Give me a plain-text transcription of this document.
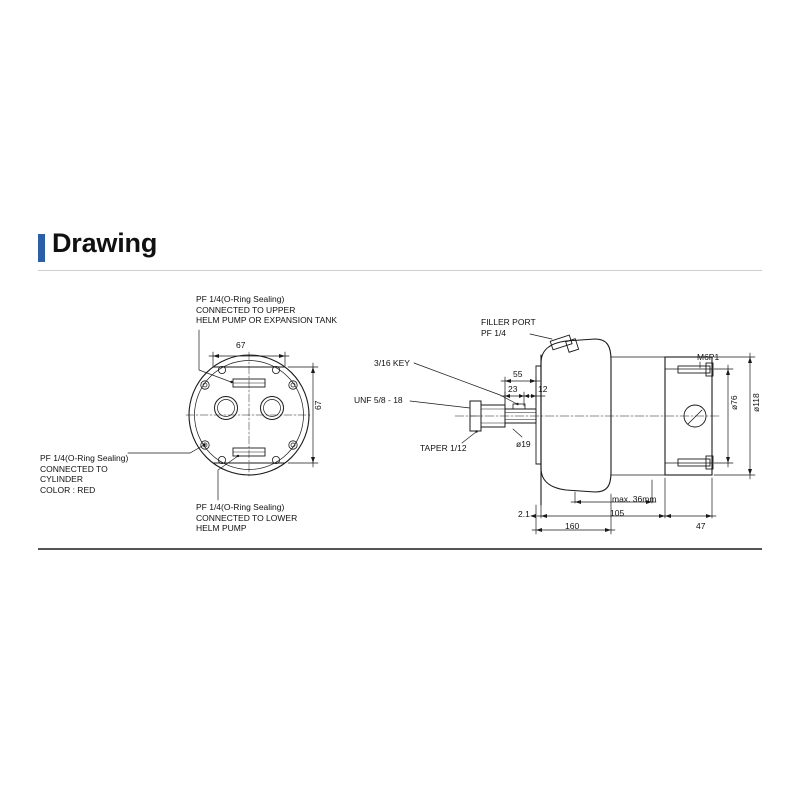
Drawing
PF 1/4(O-Ring Sealing)
CONNECTED TO UPPER
HELM PUMP OR EXPANSION TANK
PF 1/4(O-Ring Sealing)
CONNECTED TO
CYLINDER
COLOR : RED
PF 1/4(O-Ring Sealing)
CONNECTED TO LOWER
HELM PUMP
FILLER PORT
PF 1/4
3/16 KEY
UNF 5/8 - 18
TAPER 1/12
M6P1
67
67
55
23 12
ø19
2.1
160
105
max. 36mm
47
ø76 ø118
